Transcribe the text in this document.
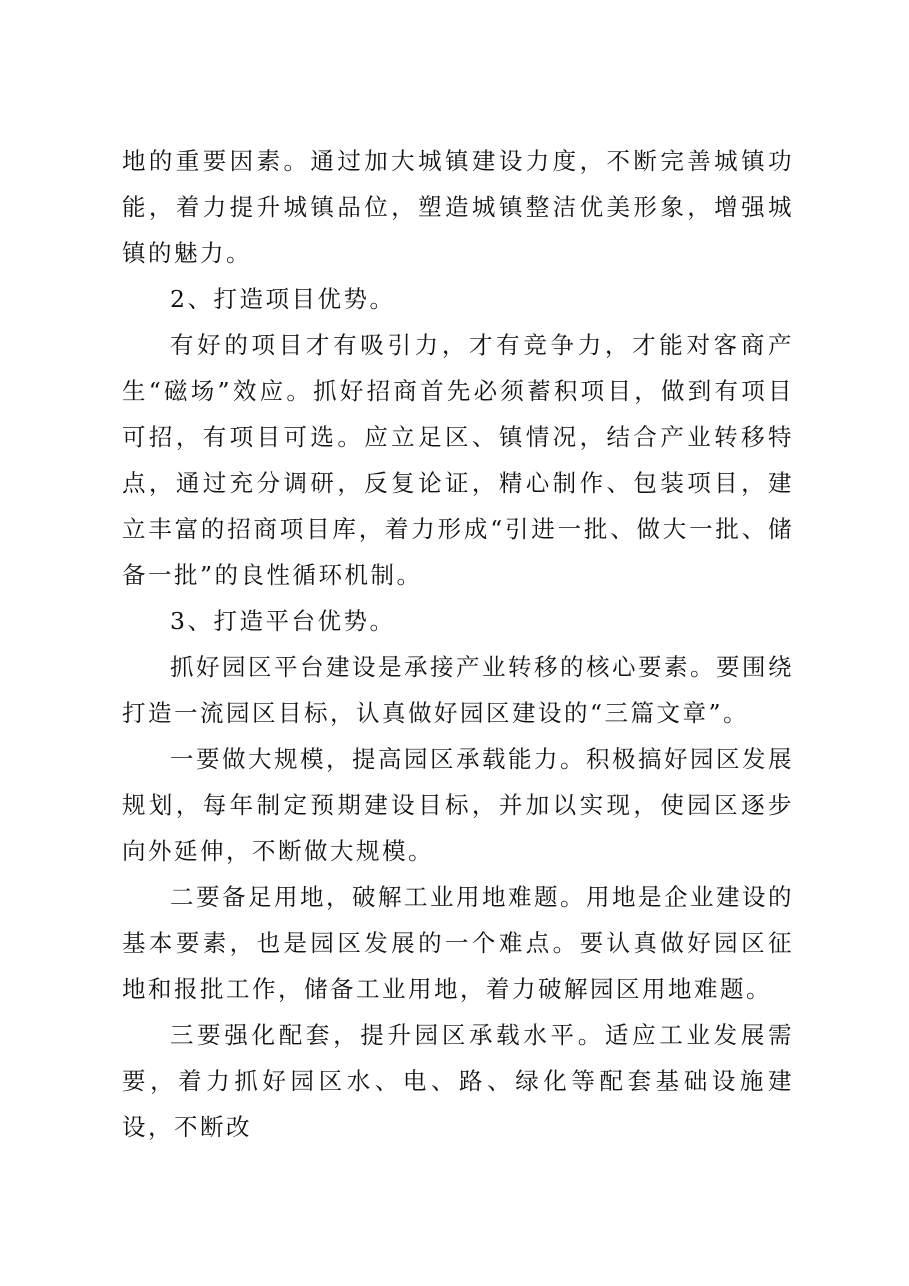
地的重要因素。通过加大城镇建设力度，不断完善城镇功能，着力提升城镇品位，塑造城镇整洁优美形象，增强城镇的魅力。

2、打造项目优势。

有好的项目才有吸引力，才有竞争力，才能对客商产生“磁场”效应。抓好招商首先必须蓄积项目，做到有项目可招，有项目可选。应立足区、镇情况，结合产业转移特点，通过充分调研，反复论证，精心制作、包装项目，建立丰富的招商项目库，着力形成“引进一批、做大一批、储备一批”的良性循环机制。

3、打造平台优势。

抓好园区平台建设是承接产业转移的核心要素。要围绕打造一流园区目标，认真做好园区建设的“三篇文章”。

一要做大规模，提高园区承载能力。积极搞好园区发展规划，每年制定预期建设目标，并加以实现，使园区逐步向外延伸，不断做大规模。

二要备足用地，破解工业用地难题。用地是企业建设的基本要素，也是园区发展的一个难点。要认真做好园区征地和报批工作，储备工业用地，着力破解园区用地难题。

三要强化配套，提升园区承载水平。适应工业发展需要，着力抓好园区水、电、路、绿化等配套基础设施建设，不断改
